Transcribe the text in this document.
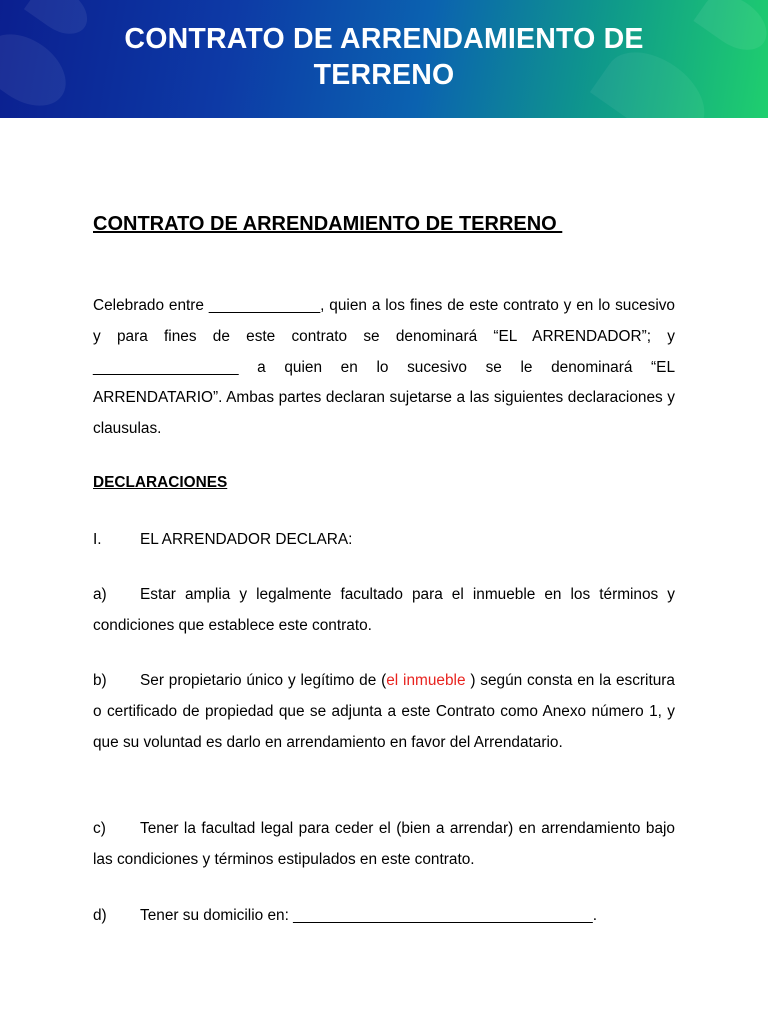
CONTRATO DE ARRENDAMIENTO DE TERRENO
CONTRATO DE ARRENDAMIENTO DE TERRENO

Celebrado entre _____________, quien a los fines de este contrato y en lo sucesivo y para fines de este contrato se denominará “EL ARRENDADOR”; y _________________ a quien en lo sucesivo se le denominará “EL ARRENDATARIO”. Ambas partes declaran sujetarse a las siguientes declaraciones y clausulas.

DECLARACIONES

I. EL ARRENDADOR DECLARA:

a) Estar amplia y legalmente facultado para el inmueble en los términos y condiciones que establece este contrato.

b) Ser propietario único y legítimo de (el inmueble ) según consta en la escritura o certificado de propiedad que se adjunta a este Contrato como Anexo número 1, y que su voluntad es darlo en arrendamiento en favor del Arrendatario.

c) Tener la facultad legal para ceder el (bien a arrendar) en arrendamiento bajo las condiciones y términos estipulados en este contrato.

d) Tener su domicilio en: ___________________________________.
